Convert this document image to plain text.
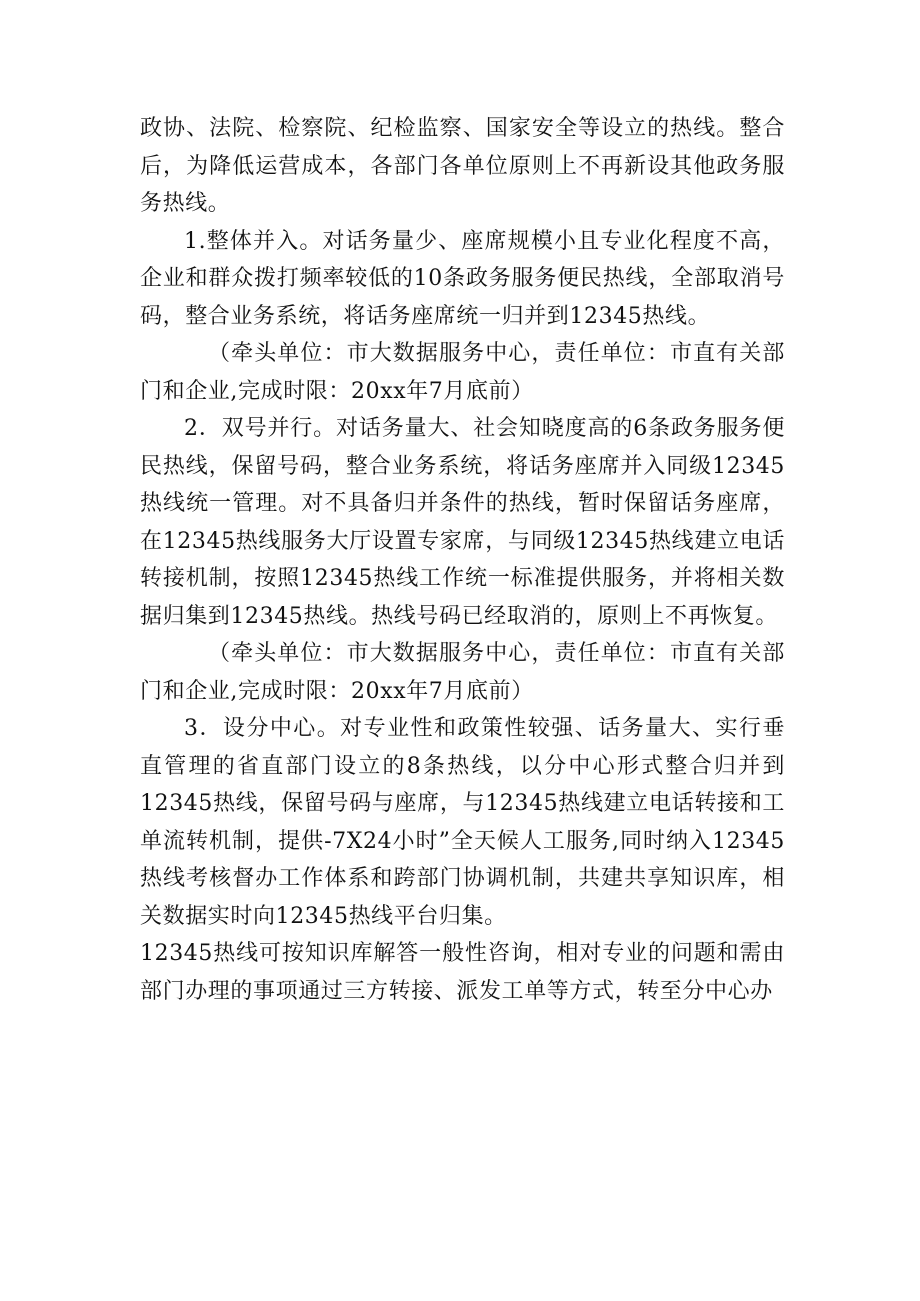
政协、法院、检察院、纪检监察、国家安全等设立的热线。整合后，为降低运营成本，各部门各单位原则上不再新设其他政务服务热线。

1.整体并入。对话务量少、座席规模小且专业化程度不高，企业和群众拨打频率较低的10条政务服务便民热线，全部取消号码，整合业务系统，将话务座席统一归并到12345热线。

（牵头单位：市大数据服务中心，责任单位：市直有关部门和企业,完成时限：20xx年7月底前）

2．双号并行。对话务量大、社会知晓度高的6条政务服务便民热线，保留号码，整合业务系统，将话务座席并入同级12345热线统一管理。对不具备归并条件的热线，暂时保留话务座席，在12345热线服务大厅设置专家席，与同级12345热线建立电话转接机制，按照12345热线工作统一标准提供服务，并将相关数据归集到12345热线。热线号码已经取消的，原则上不再恢复。

（牵头单位：市大数据服务中心，责任单位：市直有关部门和企业,完成时限：20xx年7月底前）

3．设分中心。对专业性和政策性较强、话务量大、实行垂直管理的省直部门设立的8条热线，以分中心形式整合归并到12345热线，保留号码与座席，与12345热线建立电话转接和工单流转机制，提供-7X24小时”全天候人工服务,同时纳入12345热线考核督办工作体系和跨部门协调机制，共建共享知识库，相关数据实时向12345热线平台归集。

12345热线可按知识库解答一般性咨询，相对专业的问题和需由部门办理的事项通过三方转接、派发工单等方式，转至分中心办
